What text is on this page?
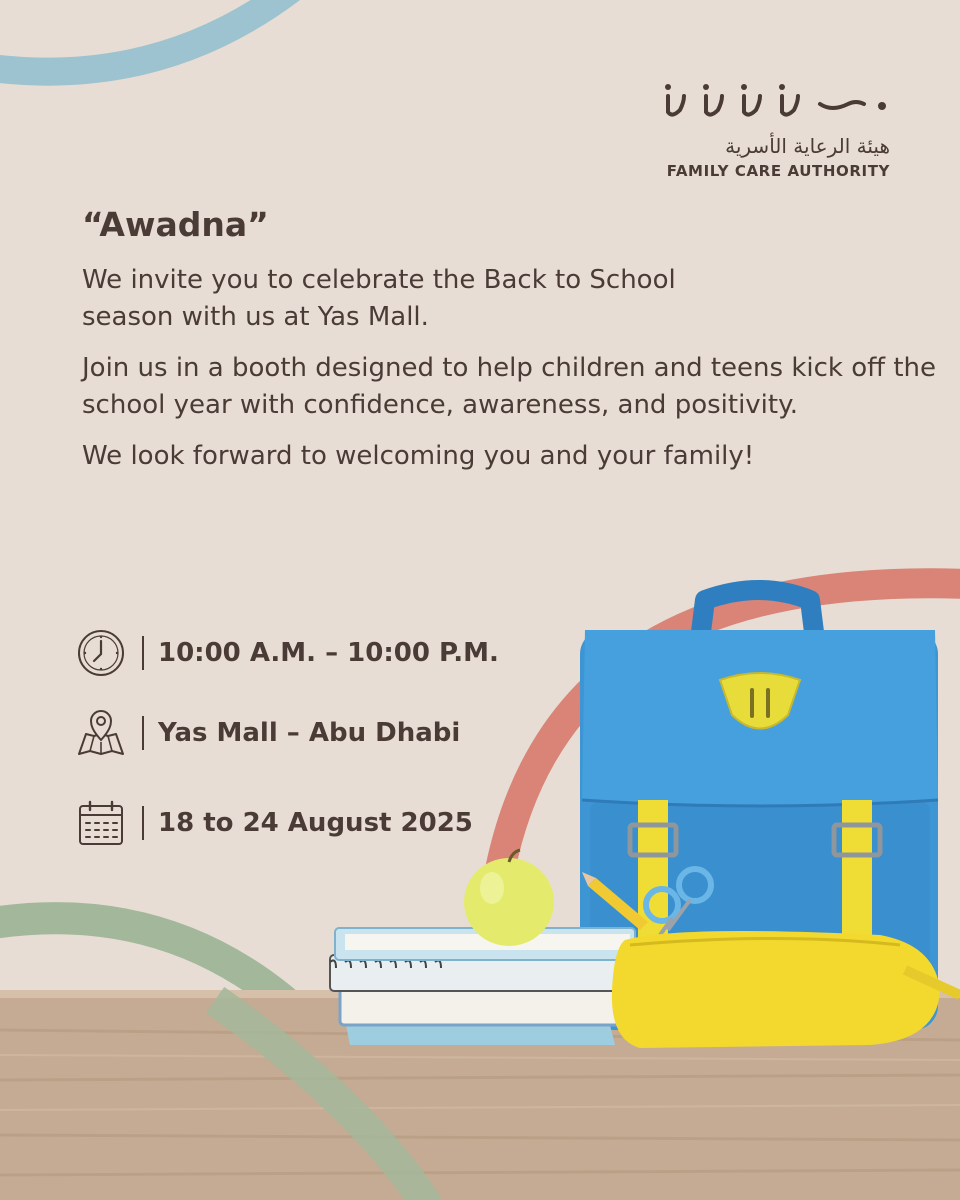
هيئة الرعاية الأسرية
FAMILY CARE AUTHORITY
“Awadna”

We invite you to celebrate the Back to School season with us at Yas Mall.

Join us in a booth designed to help children and teens kick off the school year with confidence, awareness, and positivity.

We look forward to welcoming you and your family!

10:00 A.M. – 10:00 P.M.
Yas Mall – Abu Dhabi
18 to 24 August 2025
